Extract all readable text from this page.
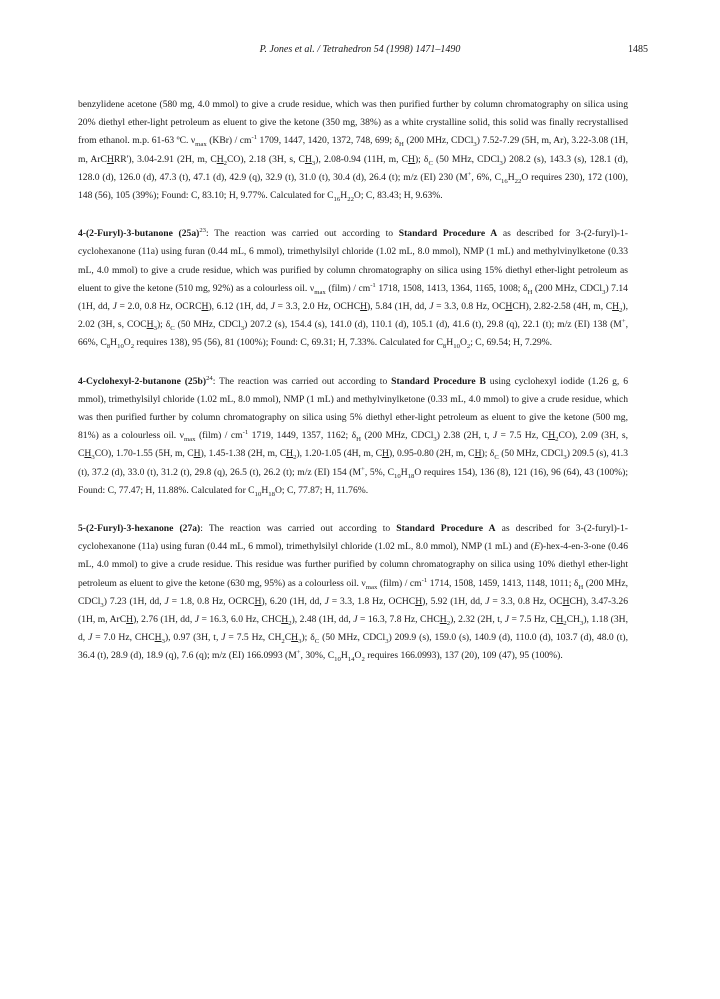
P. Jones et al. / Tetrahedron 54 (1998) 1471–1490	1485

benzylidene acetone (580 mg, 4.0 mmol) to give a crude residue, which was then purified further by column chromatography on silica using 20% diethyl ether-light petroleum as eluent to give the ketone (350 mg, 38%) as a white crystalline solid, this solid was finally recrystallised from ethanol. m.p. 61-63 ºC. $\nu_{max}$ $(KBr) / cm^{-1}$ 1709, 1447, 1420, 1372, 748, 699; $\delta_H$ (200 MHz, CDCl$_3$) 7.52-7.29 (5H, m, Ar), 3.22-3.08 (1H, m, ArCHRR'), 3.04-2.91 (2H, m, $CH_2CO$), 2.18 (3H, s, $CH_3$), 2.08-0.94 (11H, m, CH); $\delta_C$ (50 MHz, CDCl$_3$) 208.2 (s), 143.3 (s), 128.1 (d), 128.0 (d), 126.0 (d), 47.3 (t), 47.1 (d), 42.9 (q), 32.9 (t), 31.0 (t), 30.4 (d), 26.4 (t); m/z (EI) 230 (M+, 6%, $C_{16}H_{22}O$ requires 230), 172 (100), 148 (56), 105 (39%); Found: C, 83.10; H, 9.77%. Calculated for $C_{16}H_{22}O$; C, 83.43; H, 9.63%.

4-(2-Furyl)-3-butanone $(25a)^{23}$: The reaction was carried out according to Standard Procedure A as described for 3-(2-furyl)-1-cyclohexanone (11a) using furan (0.44 mL, 6 mmol), trimethylsilyl chloride (1.02 mL, 8.0 mmol), NMP (1 mL) and methylvinylketone (0.33 mL, 4.0 mmol) to give a crude residue, which was purified by column chromatography on silica using 15% diethyl ether-light petroleum as eluent to give the ketone (510 mg, 92%) as a colourless oil. $\nu_{max}$ (film) / $cm^{-1}$ 1718, 1508, 1413, 1364, 1165, 1008; $\delta_H$ (200 MHz, CDCl$_3$) 7.14 (1H, dd, J = 2.0, 0.8 Hz, OCRCH), 6.12 (1H, dd, J = 3.3, 2.0 Hz, OCHCH), 5.84 (1H, dd, J = 3.3, 0.8 Hz, OCHCH), 2.82-2.58 (4H, m, $CH_2$), 2.02 (3H, s, $COCH_3$); $\delta_C$ (50 MHz, CDCl$_3$) 207.2 (s), 154.4 (s), 141.0 (d), 110.1 (d), 105.1 (d), 41.6 (t), 29.8 (q), 22.1 (t); m/z (EI) 138 (M+, 66%, $C_8H_{10}O_2$ requires 138), 95 (56), 81 (100%); Found: C, 69.31; H, 7.33%. Calculated for $C_8H_{10}O_2$; C, 69.54; H, 7.29%.

4-Cyclohexyl-2-butanone $(25b)^{24}$: The reaction was carried out according to Standard Procedure B using cyclohexyl iodide (1.26 g, 6 mmol), trimethylsilyl chloride (1.02 mL, 8.0 mmol), NMP (1 mL) and methylvinylketone (0.33 mL, 4.0 mmol) to give a crude residue, which was then purified further by column chromatography on silica using 5% diethyl ether-light petroleum as eluent to give the ketone (500 mg, 81%) as a colourless oil. $\nu_{max}$ (film) / $cm^{-1}$ 1719, 1449, 1357, 1162; $\delta_H$ (200 MHz, CDCl$_3$) 2.38 (2H, t, J = 7.5 Hz, $CH_2CO$), 2.09 (3H, s, $CH_3CO$), 1.70-1.55 (5H, m, CH), 1.45-1.38 (2H, m, $CH_2$), 1.20-1.05 (4H, m, CH), 0.95-0.80 (2H, m, CH); $\delta_C$ (50 MHz, CDCl$_3$) 209.5 (s), 41.3 (t), 37.2 (d), 33.0 (t), 31.2 (t), 29.8 (q), 26.5 (t), 26.2 (t); m/z (EI) 154 (M+, 5%, $C_{10}H_{18}O$ requires 154), 136 (8), 121 (16), 96 (64), 43 (100%); Found: C, 77.47; H, 11.88%. Calculated for $C_{10}H_{18}O$; C, 77.87; H, 11.76%.

5-(2-Furyl)-3-hexanone (27a): The reaction was carried out according to Standard Procedure A as described for 3-(2-furyl)-1-cyclohexanone (11a) using furan (0.44 mL, 6 mmol), trimethylsilyl chloride (1.02 mL, 8.0 mmol), NMP (1 mL) and (E)-hex-4-en-3-one (0.46 mL, 4.0 mmol) to give a crude residue. This residue was further purified by column chromatography on silica using 10% diethyl ether-light petroleum as eluent to give the ketone (630 mg, 95%) as a colourless oil. $\nu_{max}$ (film) / $cm^{-1}$ 1714, 1508, 1459, 1413, 1148, 1011; $\delta_H$ (200 MHz, CDCl$_3$) 7.23 (1H, dd, J = 1.8, 0.8 Hz, OCRCH), 6.20 (1H, dd, J = 3.3, 1.8 Hz, OCHCH), 5.92 (1H, dd, J = 3.3, 0.8 Hz, OCHCH), 3.47-3.26 (1H, m, ArCH), 2.76 (1H, dd, J = 16.3, 6.0 Hz, $CHCH_2$), 2.48 (1H, dd, J = 16.3, 7.8 Hz, $CHCH_2$), 2.32 (2H, t, J = 7.5 Hz, $CH_2CH_3$), 1.18 (3H, d, J = 7.0 Hz, $CHCH_3$), 0.97 (3H, t, J = 7.5 Hz, $CH_2CH_3$); $\delta_C$ (50 MHz, CDCl$_3$) 209.9 (s), 159.0 (s), 140.9 (d), 110.0 (d), 103.7 (d), 48.0 (t), 36.4 (t), 28.9 (d), 18.9 (q), 7.6 (q); m/z (EI) 166.0993 (M+, 30%, $C_{10}H_{14}O_2$ requires 166.0993), 137 (20), 109 (47), 95 (100%).
